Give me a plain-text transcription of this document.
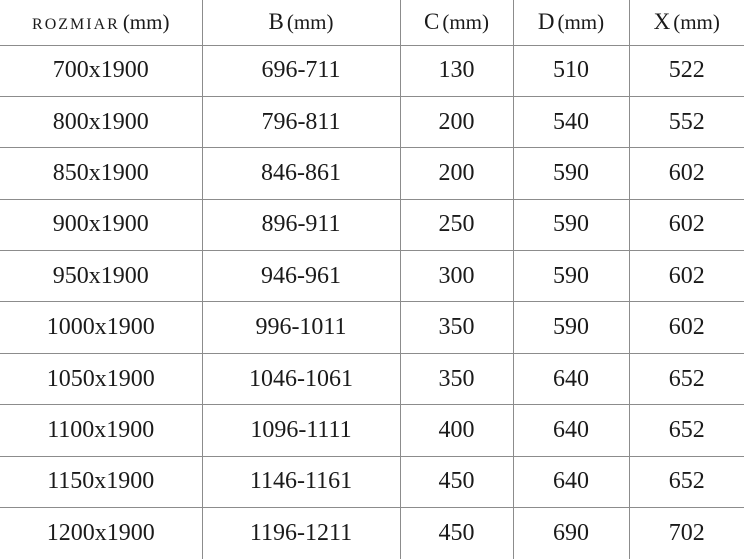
ROZMIAR (mm)	B (mm)	C (mm)	D (mm)	X (mm)
700x1900	696-711	130	510	522
800x1900	796-811	200	540	552
850x1900	846-861	200	590	602
900x1900	896-911	250	590	602
950x1900	946-961	300	590	602
1000x1900	996-1011	350	590	602
1050x1900	1046-1061	350	640	652
1100x1900	1096-1111	400	640	652
1150x1900	1146-1161	450	640	652
1200x1900	1196-1211	450	690	702
